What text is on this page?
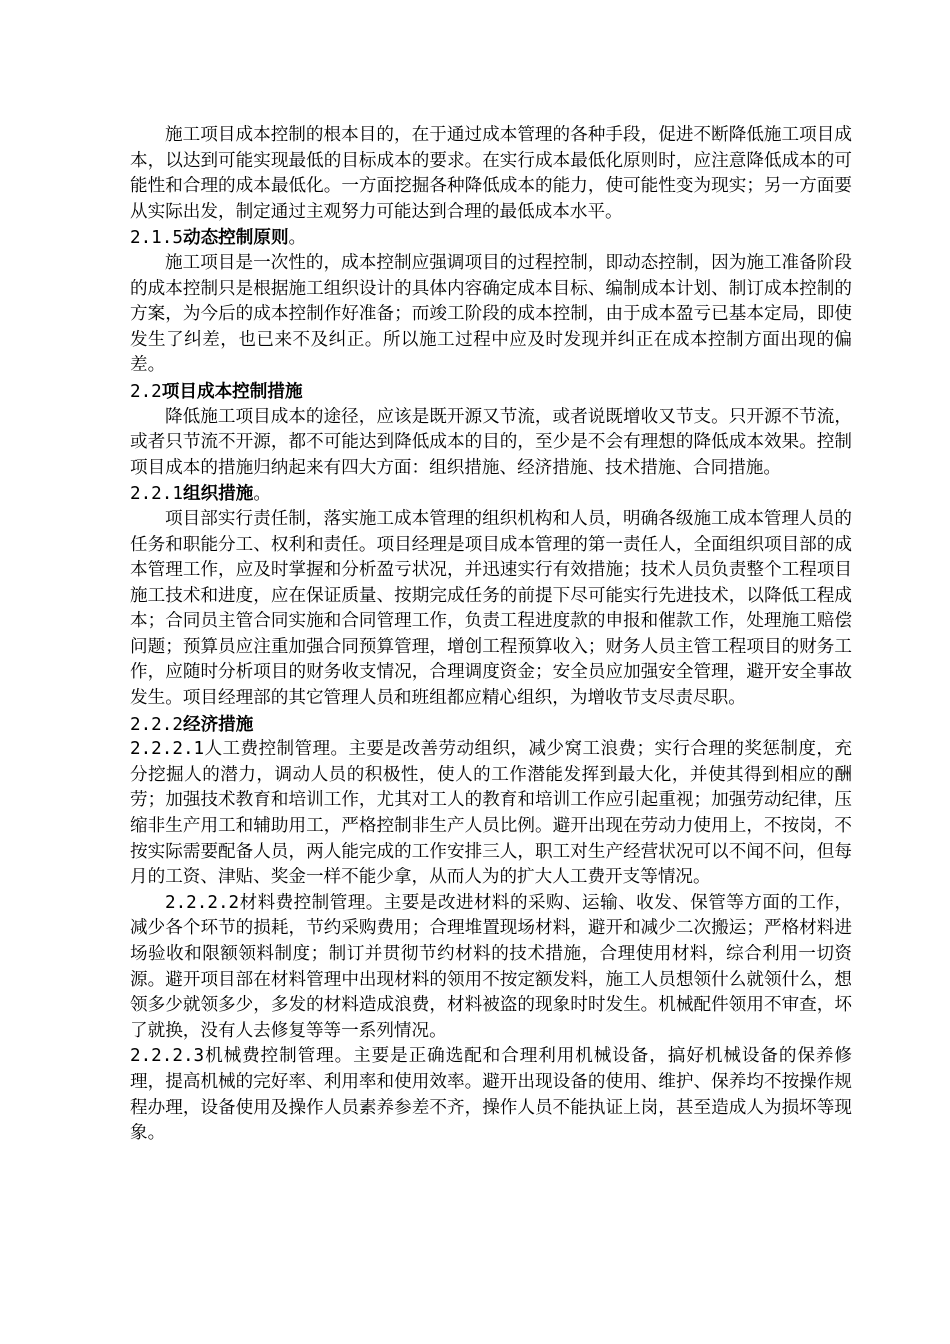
施工项目成本控制的根本目的，在于通过成本管理的各种手段，促进不断降低施工项目成本，以达到可能实现最低的目标成本的要求。在实行成本最低化原则时，应注意降低成本的可能性和合理的成本最低化。一方面挖掘各种降低成本的能力，使可能性变为现实；另一方面要从实际出发，制定通过主观努力可能达到合理的最低成本水平。

2.1.5动态控制原则。

施工项目是一次性的，成本控制应强调项目的过程控制，即动态控制，因为施工准备阶段的成本控制只是根据施工组织设计的具体内容确定成本目标、编制成本计划、制订成本控制的方案，为今后的成本控制作好准备；而竣工阶段的成本控制，由于成本盈亏已基本定局，即使发生了纠差，也已来不及纠正。所以施工过程中应及时发现并纠正在成本控制方面出现的偏差。

2.2项目成本控制措施

降低施工项目成本的途径，应该是既开源又节流，或者说既增收又节支。只开源不节流，或者只节流不开源，都不可能达到降低成本的目的，至少是不会有理想的降低成本效果。控制项目成本的措施归纳起来有四大方面：组织措施、经济措施、技术措施、合同措施。

2.2.1组织措施。

项目部实行责任制，落实施工成本管理的组织机构和人员，明确各级施工成本管理人员的任务和职能分工、权利和责任。项目经理是项目成本管理的第一责任人，全面组织项目部的成本管理工作，应及时掌握和分析盈亏状况，并迅速实行有效措施；技术人员负责整个工程项目施工技术和进度，应在保证质量、按期完成任务的前提下尽可能实行先进技术，以降低工程成本；合同员主管合同实施和合同管理工作，负责工程进度款的申报和催款工作，处理施工赔偿问题；预算员应注重加强合同预算管理，增创工程预算收入；财务人员主管工程项目的财务工作，应随时分析项目的财务收支情况，合理调度资金；安全员应加强安全管理，避开安全事故发生。项目经理部的其它管理人员和班组都应精心组织，为增收节支尽责尽职。

2.2.2经济措施

2.2.2.1人工费控制管理。主要是改善劳动组织，减少窝工浪费；实行合理的奖惩制度，充分挖掘人的潜力，调动人员的积极性，使人的工作潜能发挥到最大化，并使其得到相应的酬劳；加强技术教育和培训工作，尤其对工人的教育和培训工作应引起重视；加强劳动纪律，压缩非生产用工和辅助用工，严格控制非生产人员比例。避开出现在劳动力使用上，不按岗，不按实际需要配备人员，两人能完成的工作安排三人，职工对生产经营状况可以不闻不问，但每月的工资、津贴、奖金一样不能少拿，从而人为的扩大人工费开支等情况。

2.2.2.2材料费控制管理。主要是改进材料的采购、运输、收发、保管等方面的工作，减少各个环节的损耗，节约采购费用；合理堆置现场材料，避开和减少二次搬运；严格材料进场验收和限额领料制度；制订并贯彻节约材料的技术措施，合理使用材料，综合利用一切资源。避开项目部在材料管理中出现材料的领用不按定额发料，施工人员想领什么就领什么，想领多少就领多少，多发的材料造成浪费，材料被盗的现象时时发生。机械配件领用不审查，坏了就换，没有人去修复等等一系列情况。

2.2.2.3机械费控制管理。主要是正确选配和合理利用机械设备，搞好机械设备的保养修理，提高机械的完好率、利用率和使用效率。避开出现设备的使用、维护、保养均不按操作规程办理，设备使用及操作人员素养参差不齐，操作人员不能执证上岗，甚至造成人为损坏等现象。
